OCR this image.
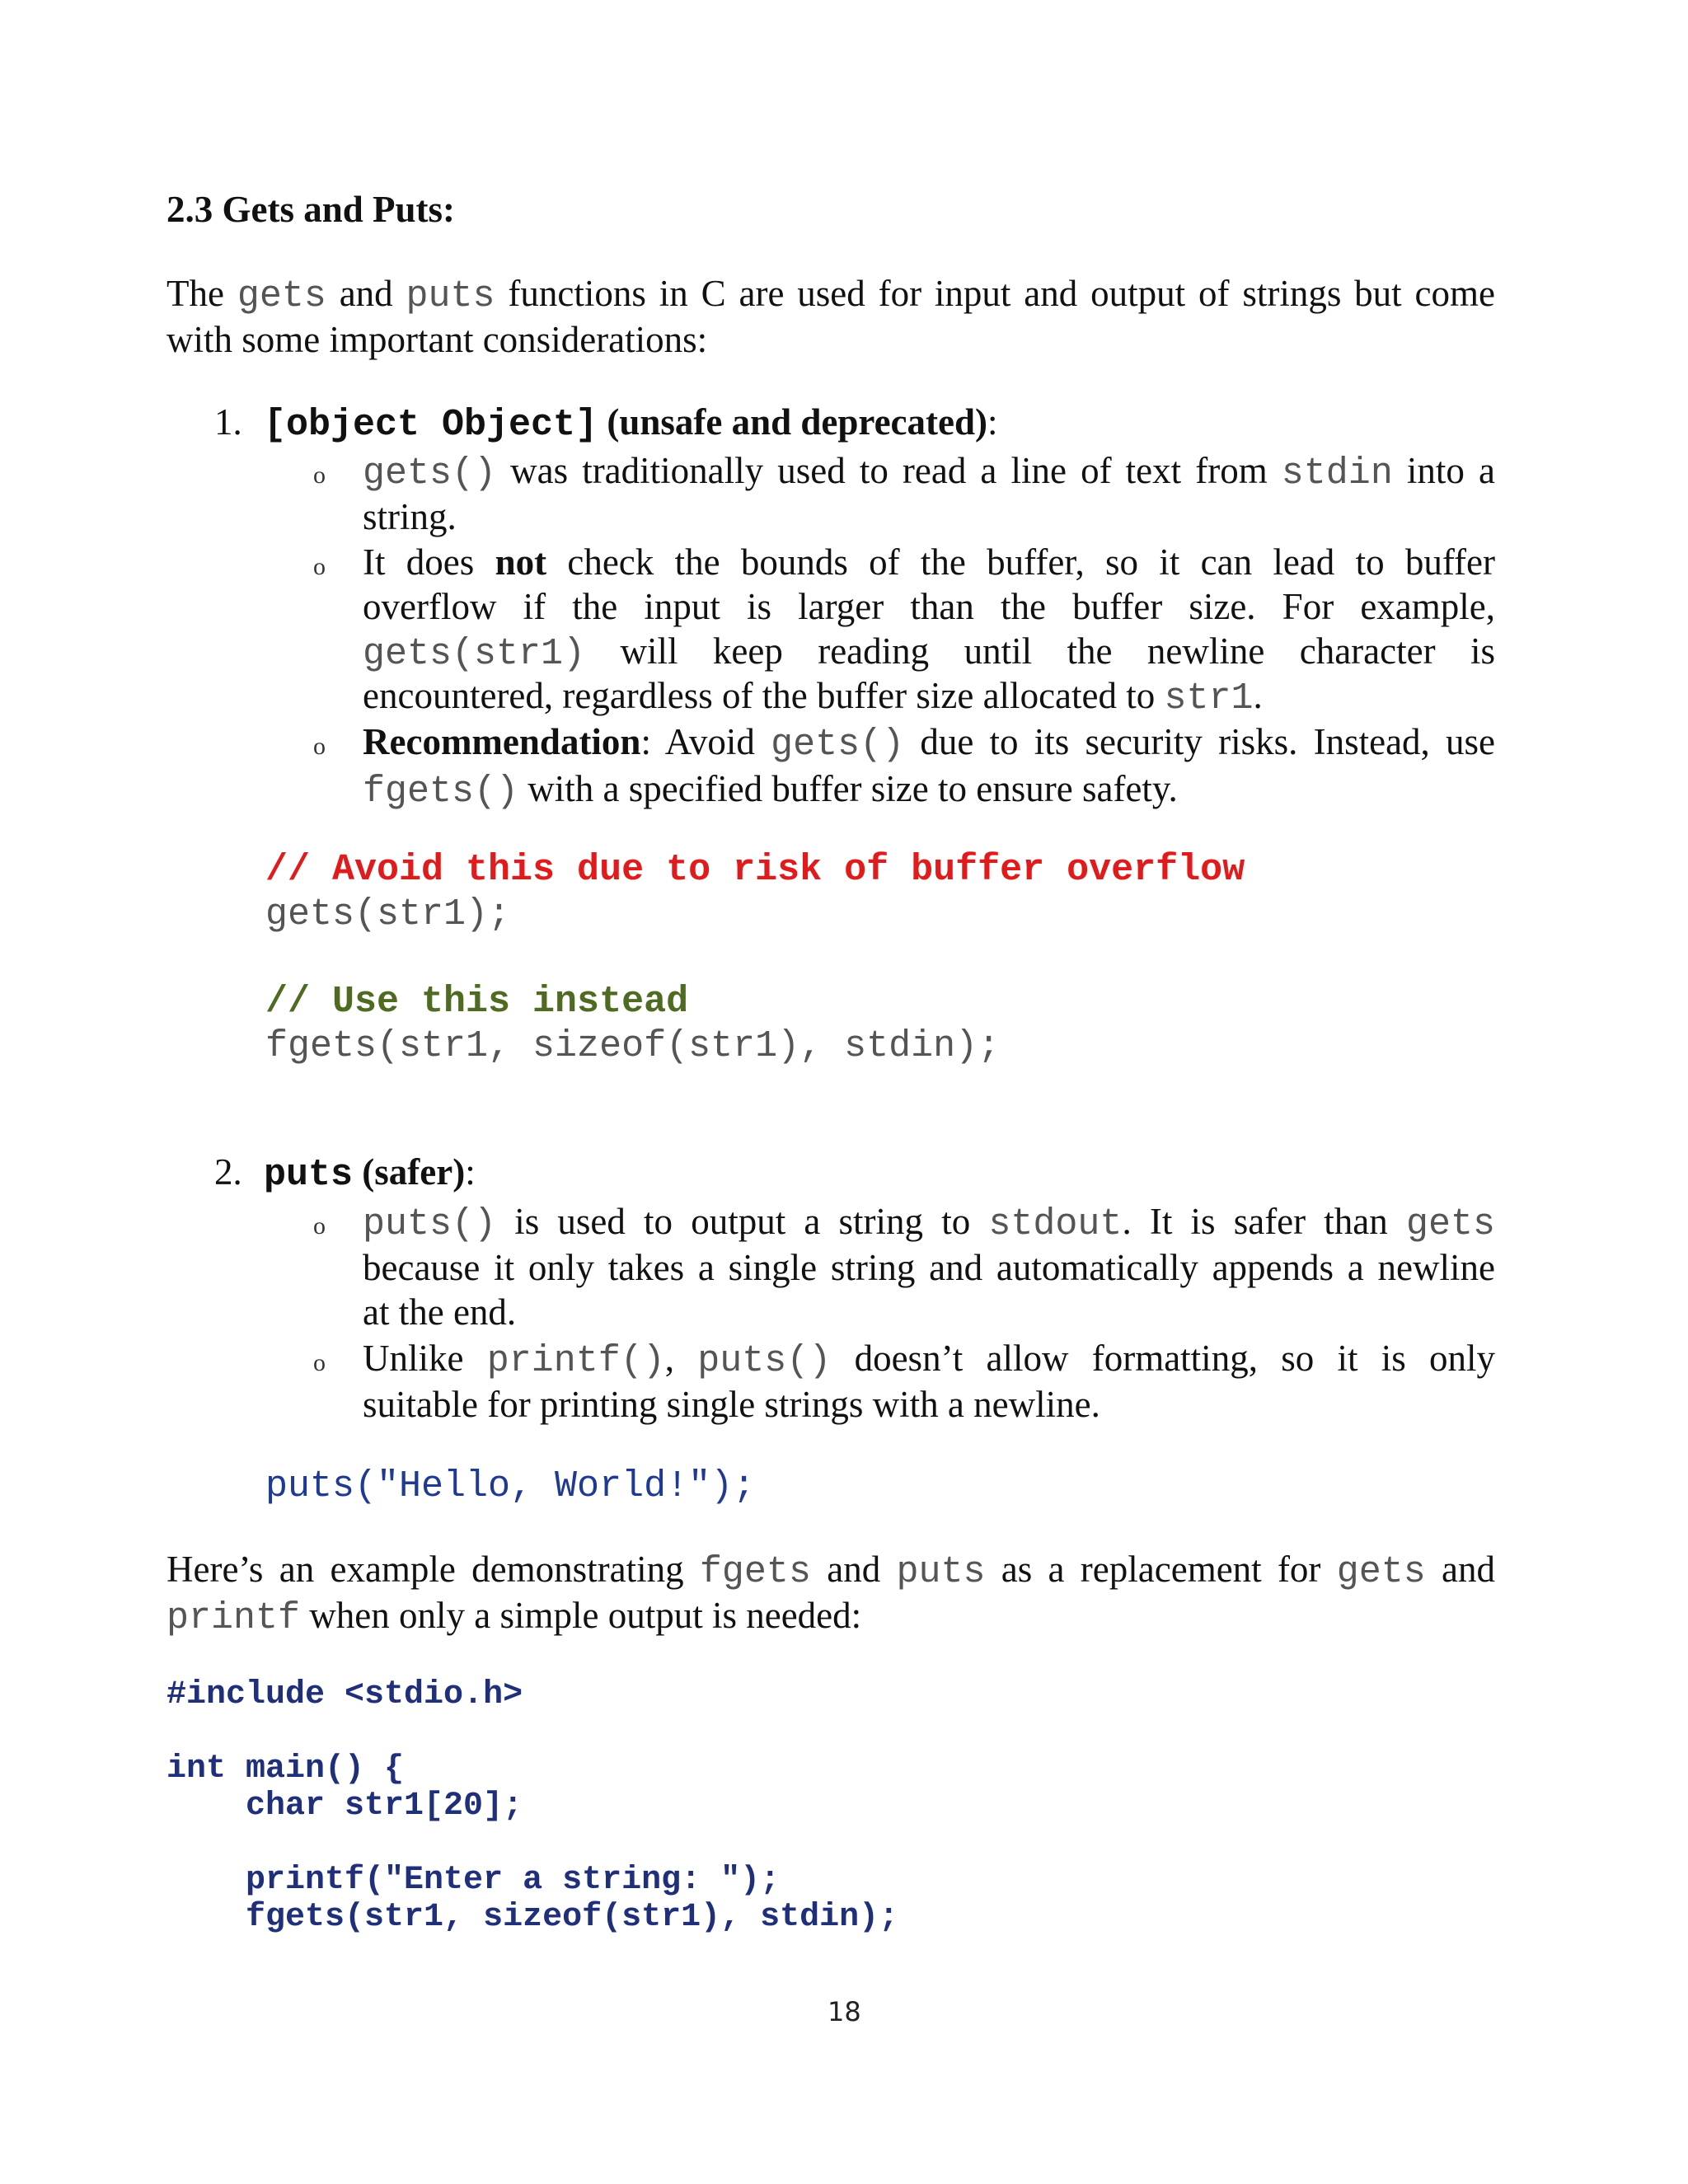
2.3 Gets and Puts:
The gets and puts functions in C are used for input and output of strings but come
with some important considerations:
1. [object Object] (unsafe and deprecated):
o gets() was traditionally used to read a line of text from stdin into a
string.
o It does not check the bounds of the buffer, so it can lead to buffer
overflow if the input is larger than the buffer size. For example,
gets(str1) will keep reading until the newline character is
encountered, regardless of the buffer size allocated to str1.
o Recommendation: Avoid gets() due to its security risks. Instead, use
fgets() with a specified buffer size to ensure safety.
// Avoid this due to risk of buffer overflow
gets(str1);
// Use this instead
fgets(str1, sizeof(str1), stdin);
2. puts (safer):
o puts() is used to output a string to stdout. It is safer than gets
because it only takes a single string and automatically appends a newline
at the end.
o Unlike printf(), puts() doesn’t allow formatting, so it is only
suitable for printing single strings with a newline.
puts("Hello, World!");
Here’s an example demonstrating fgets and puts as a replacement for gets and
printf when only a simple output is needed:
#include <stdio.h>
int main() {
char str1[20];
printf("Enter a string: ");
fgets(str1, sizeof(str1), stdin);
18
